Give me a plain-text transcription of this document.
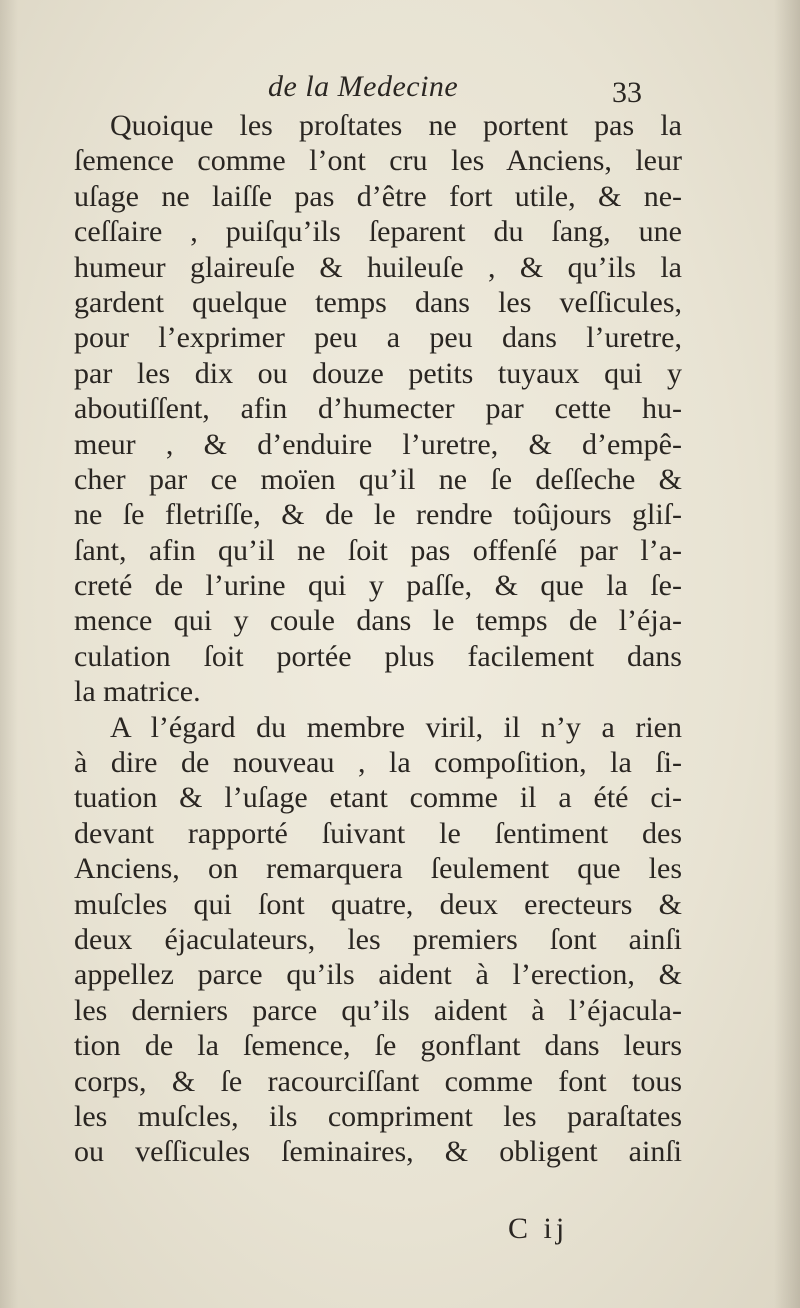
de la Medecine	33
Quoique les proſtates ne portent pas la
ſemence comme l’ont cru les Anciens, leur
uſage ne laiſſe pas d’être fort utile, & ne-
ceſſaire , puiſqu’ils ſeparent du ſang, une
humeur glaireuſe & huileuſe , & qu’ils la
gardent quelque temps dans les veſſicules,
pour l’exprimer peu a peu dans l’uretre,
par les dix ou douze petits tuyaux qui y
aboutiſſent, afin d’humecter par cette hu-
meur , & d’enduire l’uretre, & d’empê-
cher par ce moïen qu’il ne ſe deſſeche &
ne ſe fletriſſe, & de le rendre toûjours gliſ-
ſant, afin qu’il ne ſoit pas offenſé par l’a-
creté de l’urine qui y paſſe, & que la ſe-
mence qui y coule dans le temps de l’éja-
culation ſoit portée plus facilement dans
la matrice.
A l’égard du membre viril, il n’y a rien
à dire de nouveau , la compoſition, la ſi-
tuation & l’uſage etant comme il a été ci-
devant rapporté ſuivant le ſentiment des
Anciens, on remarquera ſeulement que les
muſcles qui ſont quatre, deux erecteurs &
deux éjaculateurs, les premiers ſont ainſi
appellez parce qu’ils aident à l’erection, &
les derniers parce qu’ils aident à l’éjacula-
tion de la ſemence, ſe gonflant dans leurs
corps, & ſe racourciſſant comme font tous
les muſcles, ils compriment les paraſtates
ou veſſicules ſeminaires, & obligent ainſi
C ij
